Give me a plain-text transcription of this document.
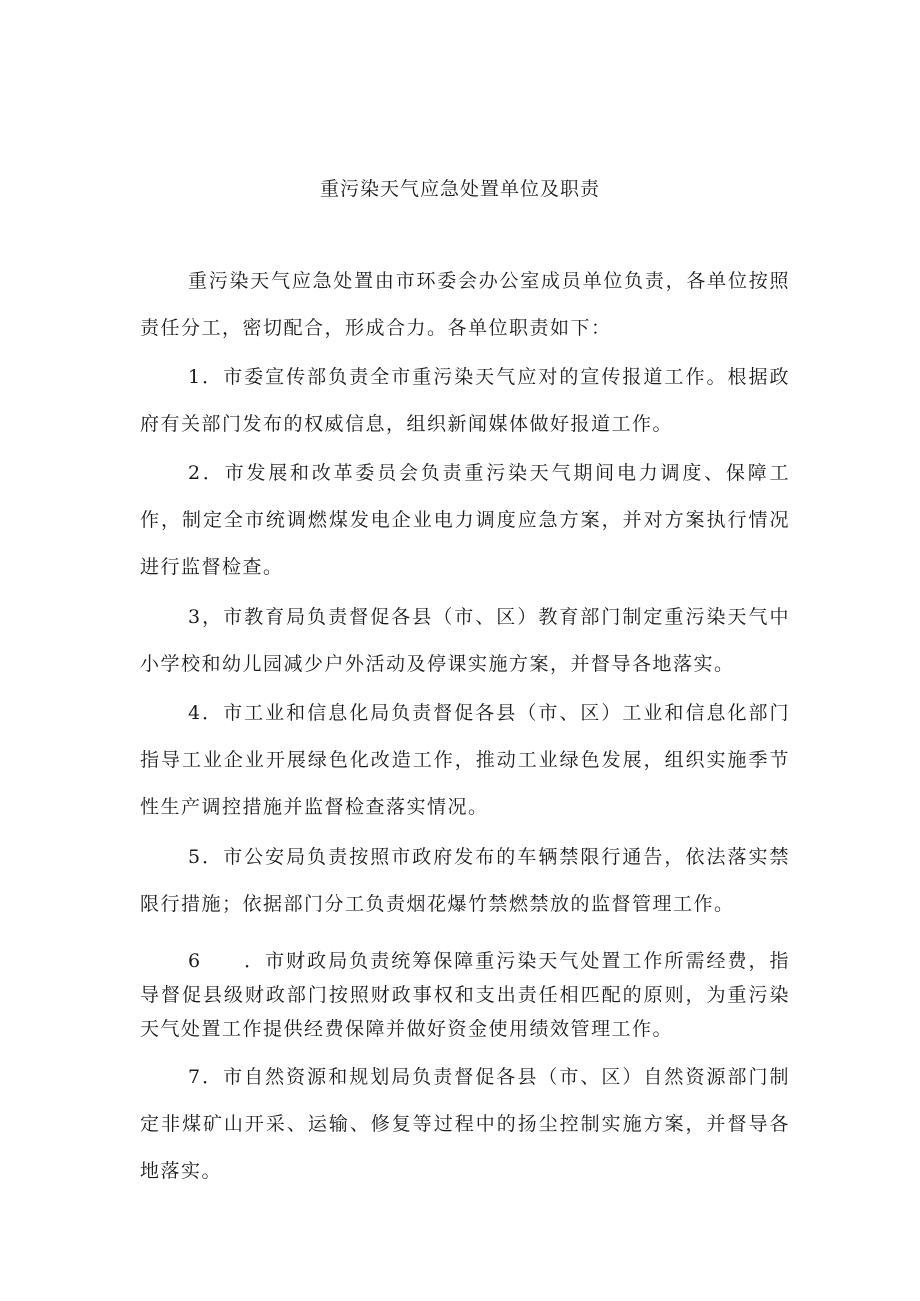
重污染天气应急处置单位及职责

重污染天气应急处置由市环委会办公室成员单位负责，各单位按照责任分工，密切配合，形成合力。各单位职责如下：

1．市委宣传部负责全市重污染天气应对的宣传报道工作。根据政府有关部门发布的权威信息，组织新闻媒体做好报道工作。

2．市发展和改革委员会负责重污染天气期间电力调度、保障工作，制定全市统调燃煤发电企业电力调度应急方案，并对方案执行情况进行监督检查。

3，市教育局负责督促各县（市、区）教育部门制定重污染天气中小学校和幼儿园减少户外活动及停课实施方案，并督导各地落实。

4．市工业和信息化局负责督促各县（市、区）工业和信息化部门指导工业企业开展绿色化改造工作，推动工业绿色发展，组织实施季节性生产调控措施并监督检查落实情况。

5．市公安局负责按照市政府发布的车辆禁限行通告，依法落实禁限行措施；依据部门分工负责烟花爆竹禁燃禁放的监督管理工作。

6　　．市财政局负责统筹保障重污染天气处置工作所需经费，指导督促县级财政部门按照财政事权和支出责任相匹配的原则，为重污染天气处置工作提供经费保障并做好资金使用绩效管理工作。

7．市自然资源和规划局负责督促各县（市、区）自然资源部门制定非煤矿山开采、运输、修复等过程中的扬尘控制实施方案，并督导各地落实。
